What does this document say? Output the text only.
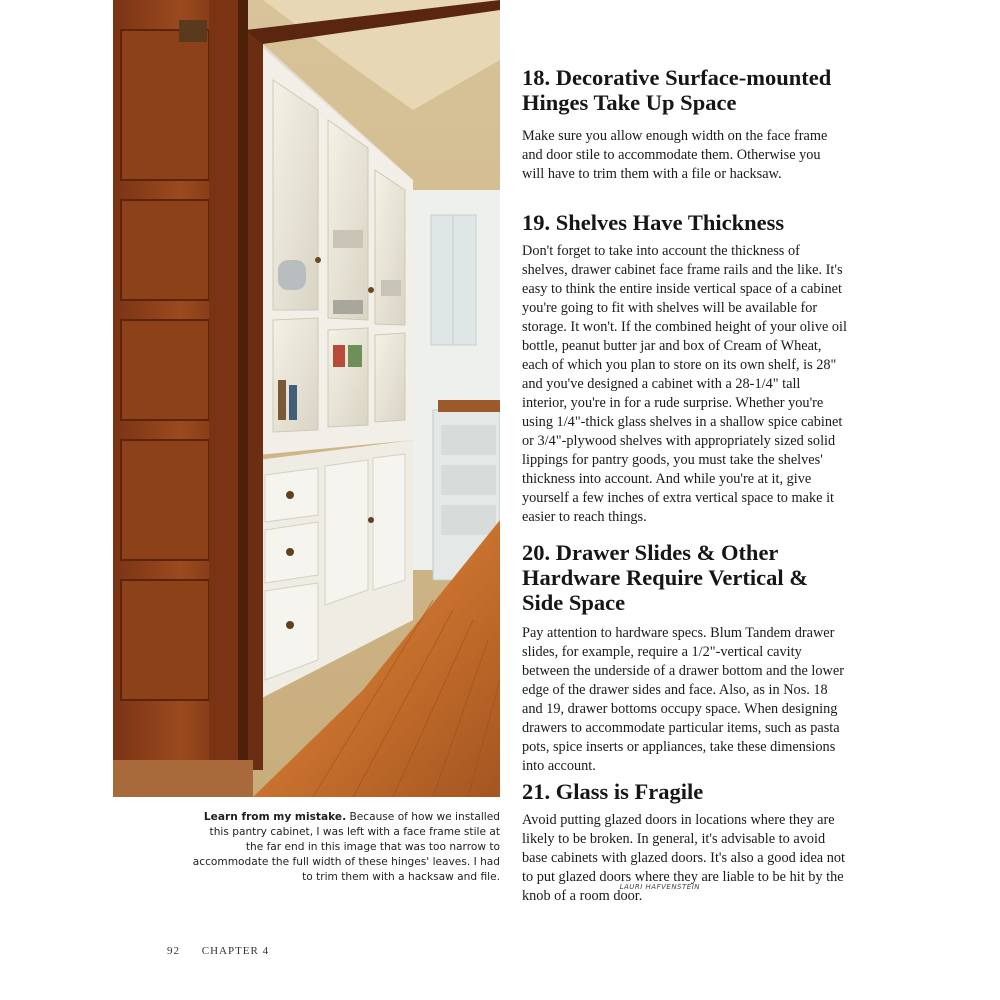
Learn from my mistake. Because of how we installed this pantry cabinet, I was left with a face frame stile at the far end in this image that was too narrow to accommodate the full width of these hinges' leaves. I had to trim them with a hacksaw and file.
LAURI HAFVENSTEIN
18. Decorative Surface-mounted Hinges Take Up Space

Make sure you allow enough width on the face frame and door stile to accommodate them. Otherwise you will have to trim them with a file or hacksaw.

19. Shelves Have Thickness

Don't forget to take into account the thickness of shelves, drawer cabinet face frame rails and the like. It's easy to think the entire inside vertical space of a cabinet you're going to fit with shelves will be available for storage. It won't. If the combined height of your olive oil bottle, peanut butter jar and box of Cream of Wheat, each of which you plan to store on its own shelf, is 28" and you've designed a cabinet with a 28-1/4" tall interior, you're in for a rude surprise. Whether you're using 1/4"-thick glass shelves in a shallow spice cabinet or 3/4"-plywood shelves with appropriately sized solid lippings for pantry goods, you must take the shelves' thickness into account. And while you're at it, give yourself a few inches of extra vertical space to make it easier to reach things.

20. Drawer Slides & Other Hardware Require Vertical & Side Space

Pay attention to hardware specs. Blum Tandem drawer slides, for example, require a 1/2"-vertical cavity between the underside of a drawer bottom and the lower edge of the drawer sides and face. Also, as in Nos. 18 and 19, drawer bottoms occupy space. When designing drawers to accommodate particular items, such as pasta pots, spice inserts or appliances, take these dimensions into account.

21. Glass is Fragile

Avoid putting glazed doors in locations where they are likely to be broken. In general, it's advisable to avoid base cabinets with glazed doors. It's also a good idea not to put glazed doors where they are liable to be hit by the knob of a room door.

92 CHAPTER 4
